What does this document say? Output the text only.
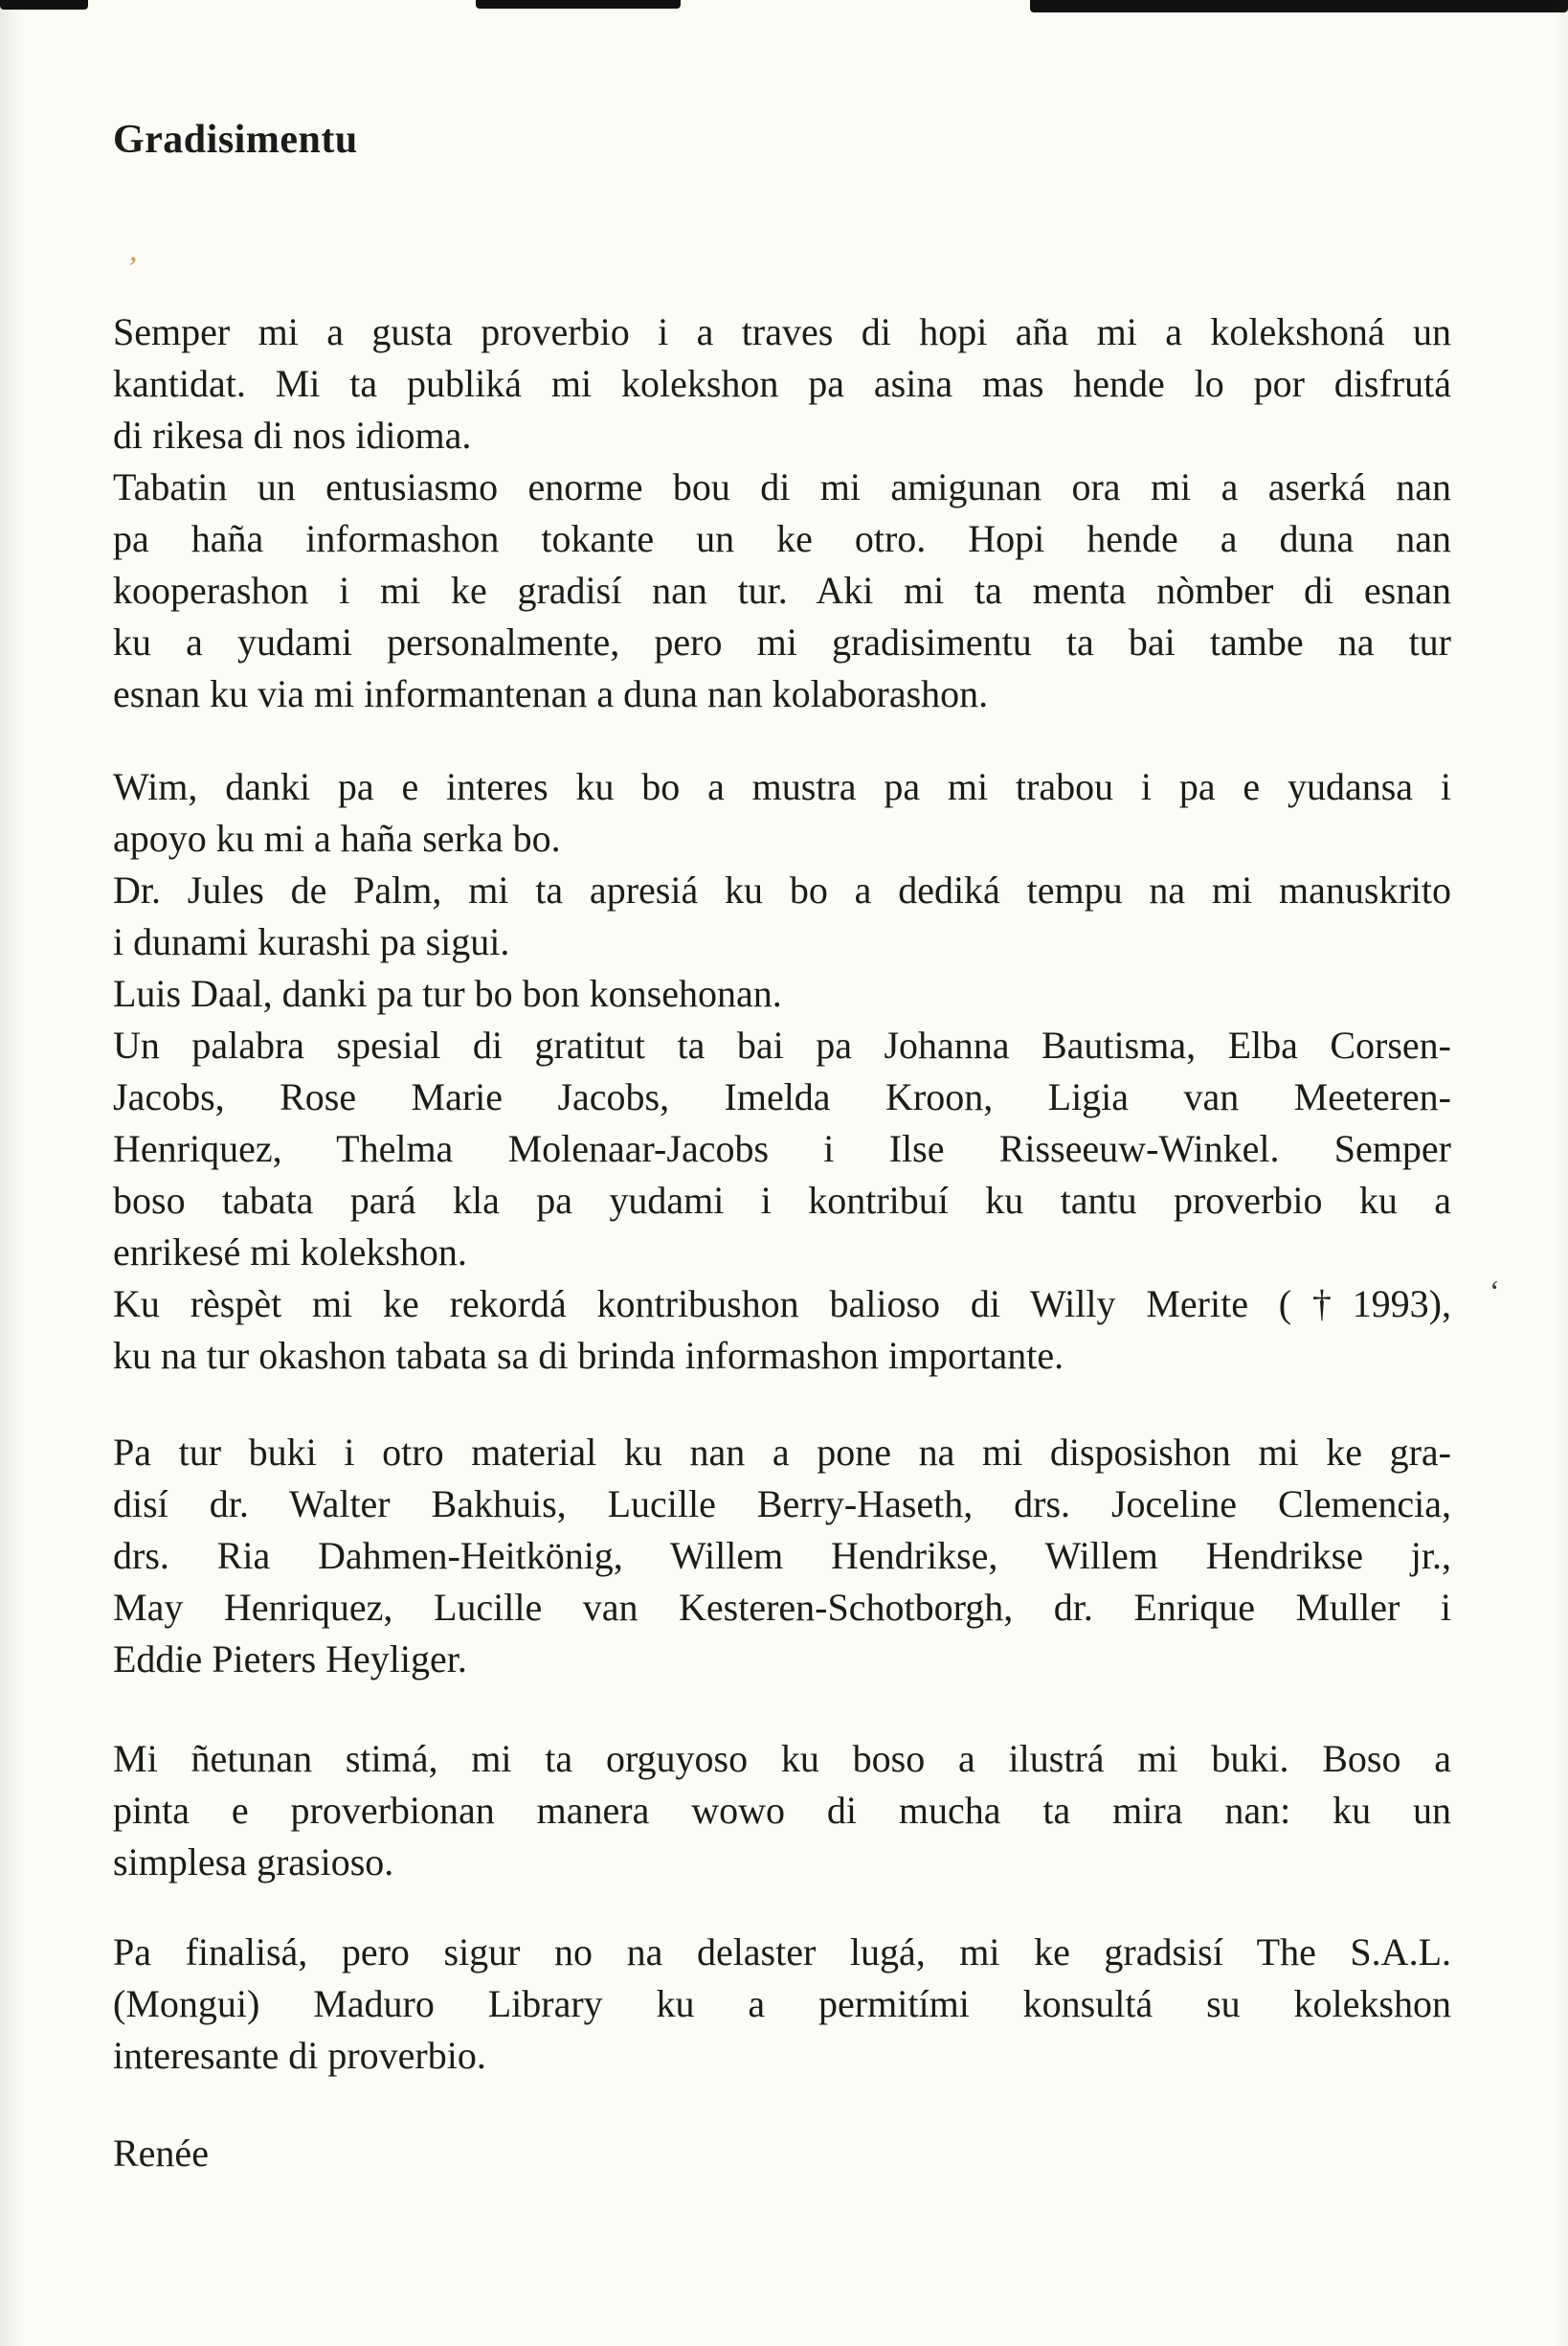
Gradisimentu
’
‘
Semper mi a gusta proverbio i a traves di hopi aña mi a kolekshoná un
kantidat. Mi ta publiká mi kolekshon pa asina mas hende lo por disfrutá
di rikesa di nos idioma.
Tabatin un entusiasmo enorme bou di mi amigunan ora mi a aserká nan
pa haña informashon tokante un ke otro. Hopi hende a duna nan
kooperashon i mi ke gradisí nan tur. Aki mi ta menta nòmber di esnan
ku a yudami personalmente, pero mi gradisimentu ta bai tambe na tur
esnan ku via mi informantenan a duna nan kolaborashon.
Wim, danki pa e interes ku bo a mustra pa mi trabou i pa e yudansa i
apoyo ku mi a haña serka bo.
Dr. Jules de Palm, mi ta apresiá ku bo a dediká tempu na mi manuskrito
i dunami kurashi pa sigui.
Luis Daal, danki pa tur bo bon konsehonan.
Un palabra spesial di gratitut ta bai pa Johanna Bautisma, Elba Corsen-
Jacobs, Rose Marie Jacobs, Imelda Kroon, Ligia van Meeteren-
Henriquez, Thelma Molenaar-Jacobs i Ilse Risseeuw-Winkel. Semper
boso tabata pará kla pa yudami i kontribuí ku tantu proverbio ku a
enrikesé mi kolekshon.
Ku rèspèt mi ke rekordá kontribushon balioso di Willy Merite (†1993),
ku na tur okashon tabata sa di brinda informashon importante.
Pa tur buki i otro material ku nan a pone na mi disposishon mi ke gra-
disí dr. Walter Bakhuis, Lucille Berry-Haseth, drs. Joceline Clemencia,
drs. Ria Dahmen-Heitkönig, Willem Hendrikse, Willem Hendrikse jr.,
May Henriquez, Lucille van Kesteren-Schotborgh, dr. Enrique Muller i
Eddie Pieters Heyliger.
Mi ñetunan stimá, mi ta orguyoso ku boso a ilustrá mi buki. Boso a
pinta e proverbionan manera wowo di mucha ta mira nan: ku un
simplesa grasioso.
Pa finalisá, pero sigur no na delaster lugá, mi ke gradsisí The S.A.L.
(Mongui) Maduro Library ku a permitími konsultá su kolekshon
interesante di proverbio.
Renée
